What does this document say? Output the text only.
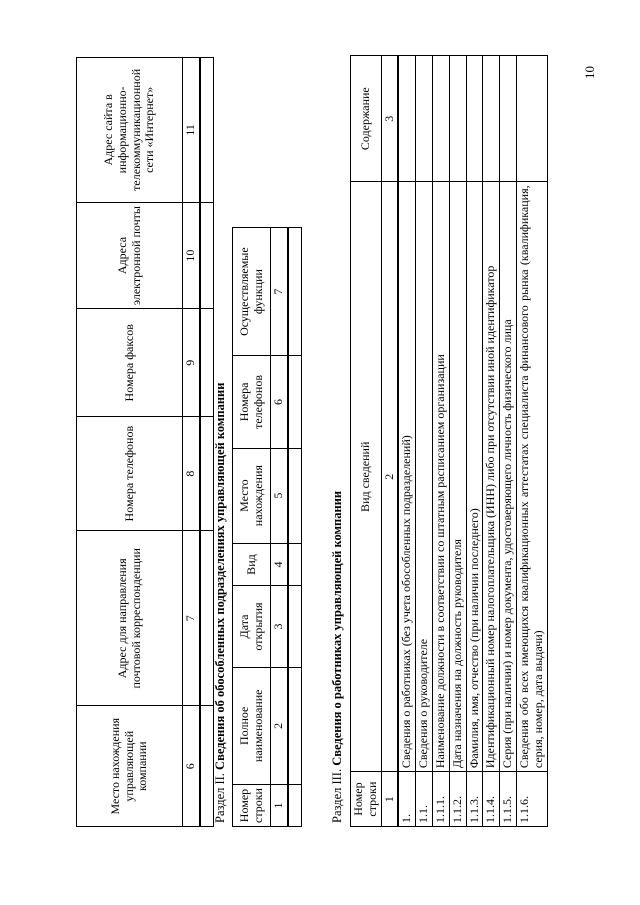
Место нахождения управляющей компании	Адрес для направления почтовой корреспонденции	Номера телефонов	Номера факсов	Адреса электронной почты	Адрес сайта в информационно-телекоммуникационной сети «Интернет»
6	7	8	9	10	11

Раздел II. Сведения об обособленных подразделениях управляющей компании
Номер строки	Полное наименование	Дата открытия	Вид	Место нахождения	Номера телефонов	Осуществляемые функции
1	2	3	4	5	6	7

Раздел III. Сведения о работниках управляющей компании
Номер строки	Вид сведений	Содержание
1	2	3
1.	Сведения о работниках (без учета обособленных подразделений)	
1.1.	Сведения о руководителе	
1.1.1.	Наименование должности в соответствии со штатным расписанием организации	
1.1.2.	Дата назначения на должность руководителя	
1.1.3.	Фамилия, имя, отчество (при наличии последнего)	
1.1.4.	Идентификационный номер налогоплательщика (ИНН) либо при отсутствии иной идентификатор	
1.1.5.	Серия (при наличии) и номер документа, удостоверяющего личность физического лица	
1.1.6.	Сведения обо всех имеющихся квалификационных аттестатах специалиста финансового рынка (квалификация, серия, номер, дата выдачи)	
10
